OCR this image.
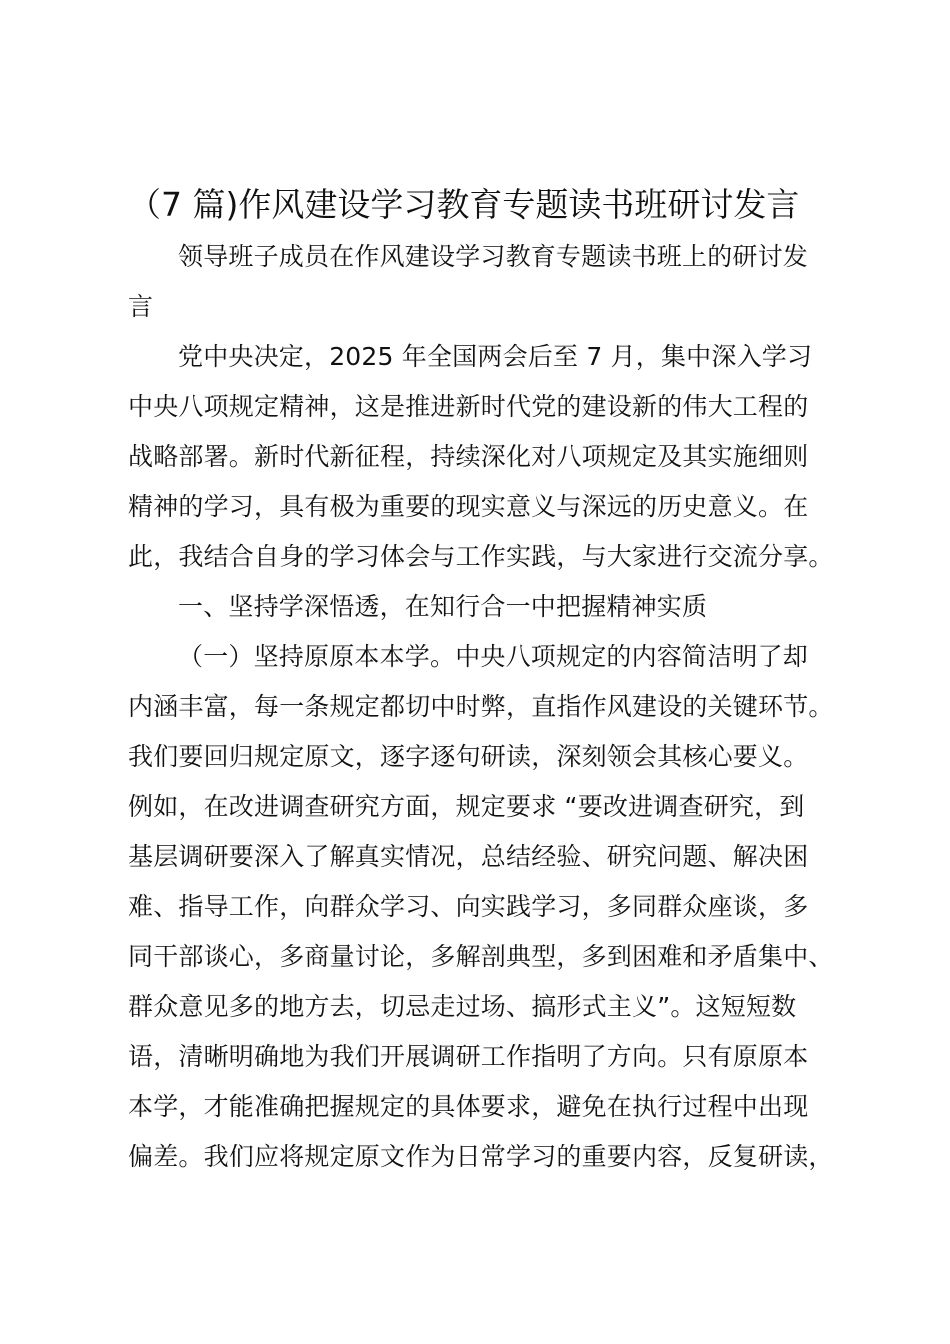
（7 篇)作风建设学习教育专题读书班研讨发言
领导班子成员在作风建设学习教育专题读书班上的研讨发
言
党中央决定，2025 年全国两会后至 7 月，集中深入学习
中央八项规定精神，这是推进新时代党的建设新的伟大工程的
战略部署。新时代新征程，持续深化对八项规定及其实施细则
精神的学习，具有极为重要的现实意义与深远的历史意义。在
此，我结合自身的学习体会与工作实践，与大家进行交流分享。
一、坚持学深悟透，在知行合一中把握精神实质
（一）坚持原原本本学。中央八项规定的内容简洁明了却
内涵丰富，每一条规定都切中时弊，直指作风建设的关键环节。
我们要回归规定原文，逐字逐句研读，深刻领会其核心要义。
例如，在改进调查研究方面，规定要求 “要改进调查研究，到
基层调研要深入了解真实情况，总结经验、研究问题、解决困
难、指导工作，向群众学习、向实践学习，多同群众座谈，多
同干部谈心，多商量讨论，多解剖典型，多到困难和矛盾集中、
群众意见多的地方去，切忌走过场、搞形式主义”。这短短数
语，清晰明确地为我们开展调研工作指明了方向。只有原原本
本学，才能准确把握规定的具体要求，避免在执行过程中出现
偏差。我们应将规定原文作为日常学习的重要内容，反复研读，
